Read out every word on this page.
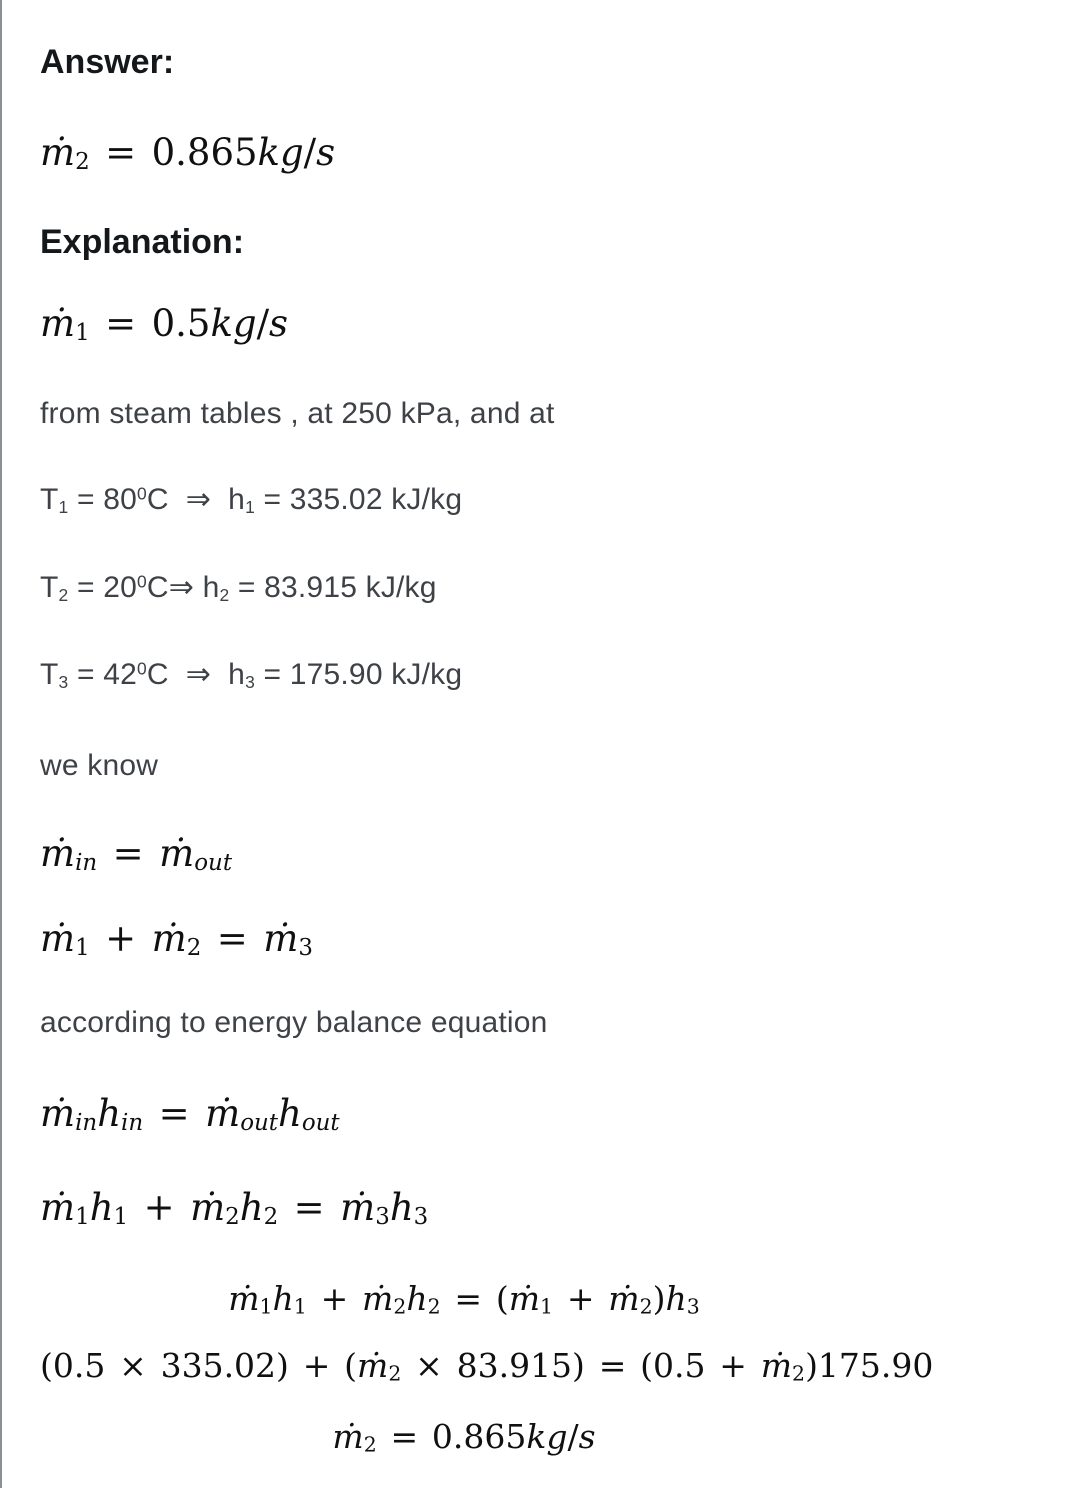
Answer:
ṁ$_2$ = 0.865kg/s
Explanation:
ṁ$_1$ = 0.5kg/s
from steam tables , at 250 kPa, and at
$T_1 = 80^0C$  ⇒  $h_1 = 335.02$ kJ/kg
$T_2$ = $20^0C\Rightarrow$ $h_2 = 83.915$ kJ/kg
$T_3 = 42^0C$  ⇒  $h_3 = 175.90$ kJ/kg
we know
ṁ$_{in}$ = ṁ$_{out}$
ṁ$_1$ + ṁ$_2$ = ṁ$_3$
according to energy balance equation
$ṁ_{in}h_{in}$ = $ṁ_{out}h_{out}$
$ṁ_1h_1$ + $ṁ_2h_2$ = $ṁ_3h_3$
$ṁ_1h_1$ + $ṁ_2h_2$ = (ṁ$_1$ + $ṁ_2)h_3$
(0.5 × 335.02) + (ṁ$_2$ × 83.915) = (0.5 + ṁ$_2$)175.90
ṁ$_2$ = 0.865kg/s
